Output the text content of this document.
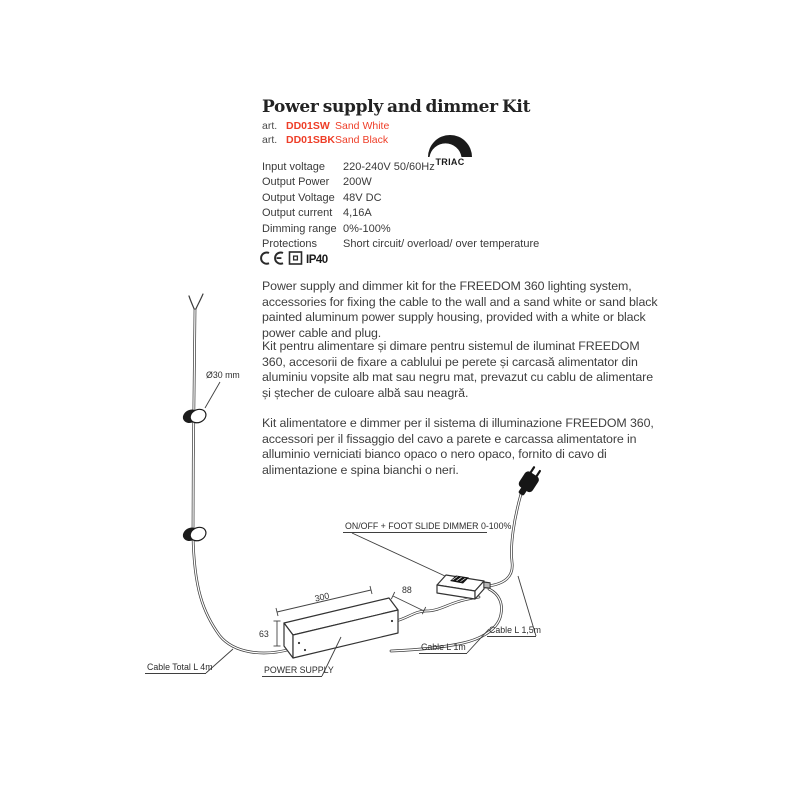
Power supply and dimmer Kit
art. DD01SW Sand White
art. DD01SBKSand Black
TRIAC
Input voltage	220-240V 50/60Hz
Output Power	200W
Output Voltage 48V DC
Output current 4,16A
Dimming range 0%-100%
Protections	Short circuit/ overload/ over temperature
IP40
Power supply and dimmer kit for the FREEDOM 360 lighting system, accessories for fixing the cable to the wall and a sand white or sand black painted aluminum power supply housing, provided with a white or black power cable and plug.
Kit pentru alimentare și dimare pentru sistemul de iluminat FREEDOM 360, accesorii de fixare a cablului pe perete și carcasă alimentator din aluminiu vopsite alb mat sau negru mat, prevazut cu cablu de alimentare și ștecher de culoare albă sau neagră.
Kit alimentatore e dimmer per il sistema di illuminazione FREEDOM 360, accessori per il fissaggio del cavo a parete e carcassa alimentatore in alluminio verniciati bianco opaco o nero opaco, fornito di cavo di alimentazione e spina bianchi o neri.
Ø30 mm
300
88
63
ON/OFF + FOOT SLIDE DIMMER 0-100%
POWER SUPPLY
Cable Total L 4m
Cable L 1m
Cable L 1,5m
